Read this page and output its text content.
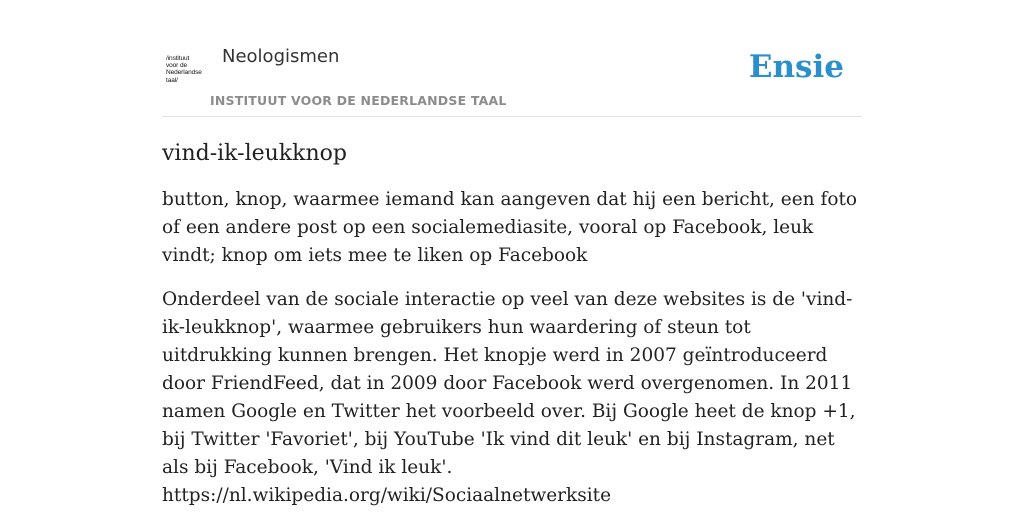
/instituut
voor de
Nederlandse
taal/
Neologismen
INSTITUUT VOOR DE NEDERLANDSE TAAL
Ensie
vind-ik-leukknop

button, knop, waarmee iemand kan aangeven dat hij een bericht, een foto of een andere post op een socialemediasite, vooral op Facebook, leuk vindt; knop om iets mee te liken op Facebook

Onderdeel van de sociale interactie op veel van deze websites is de 'vind-ik-leukknop', waarmee gebruikers hun waardering of steun tot uitdrukking kunnen brengen. Het knopje werd in 2007 geïntroduceerd door FriendFeed, dat in 2009 door Facebook werd overgenomen. In 2011 namen Google en Twitter het voorbeeld over. Bij Google heet de knop +1, bij Twitter 'Favoriet', bij YouTube 'Ik vind dit leuk' en bij Instagram, net als bij Facebook, 'Vind ik leuk'.
https://nl.wikipedia.org/wiki/Sociaalnetwerksite
